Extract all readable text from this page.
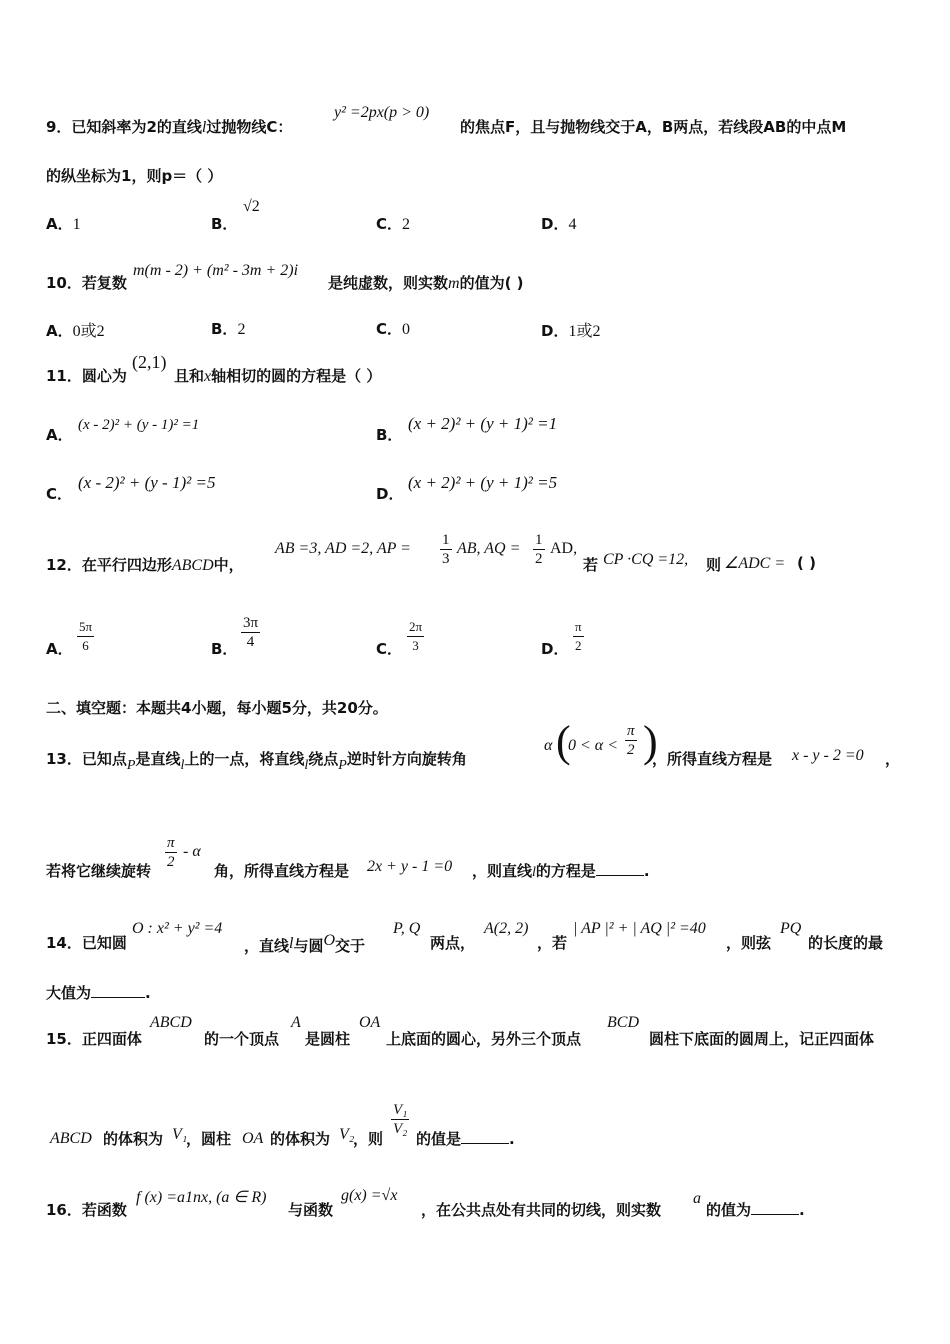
9．已知斜率为2的直线l过抛物线C：
y² =2px(p > 0)
的焦点F，且与抛物线交于A，B两点，若线段AB的中点M
的纵坐标为1，则p＝（ ）
A．1	B．
√2
C．2	D．4
10．若复数
m(m - 2) + (m² - 3m + 2)i
是纯虚数，则实数m的值为( )
A．0或2	B．2	C．0	D．1或2
11．圆心为
(2,1)
且和x轴相切的圆的方程是（ ）
A．
(x - 2)² + (y - 1)² =1
B．
(x + 2)² + (y + 1)² =1
C．
(x - 2)² + (y - 1)² =5
D．
(x + 2)² + (y + 1)² =5
12．在平行四边形ABCD中，
AB =3, AD =2, AP = $\frac{1}{3}$ AB, AQ = $\frac{1}{2}$ AD,
若 CP ·CQ =12, 则 ∠ADC = ( )
A． $\frac{5\pi}{6}$	B． $\frac{3\pi}{4}$	C． $\frac{2\pi}{3}$	D． $\frac{\pi}{2}$
二、填空题：本题共4小题，每小题5分，共20分。
13．已知点P是直线l上的一点，将直线l绕点P逆时针方向旋转角
α (
$0 < \alpha < \frac{\pi}{2}$ )
，所得直线方程是 x - y - 2 =0 ，
若将它继续旋转 $\frac{\pi}{2}$ - α
角，所得直线方程是 2x + y - 1 =0 ，则直线l的方程是	.
14．已知圆
O : x² + y² =4
，直线l与圆O交于
P, Q
两点，
A(2, 2)
，若
| AP |² + | AQ |² =40
，则弦
PQ
的长度的最
大值为	.
15．正四面体
ABCD
的一个顶点
A
是圆柱
OA
上底面的圆心，另外三个顶点
BCD
圆柱下底面的圆周上，记正四面体
ABCD 的体积为 V₁
，圆柱 OA 的体积为 V₂
，则
$\frac{\text{V₁}}{\text{V₂}}$
的值是	.
16．若函数
f (x) =a1nx, (a ∈ R)
与函数
g(x) =√x
，在公共点处有共同的切线，则实数
a
的值为	.
